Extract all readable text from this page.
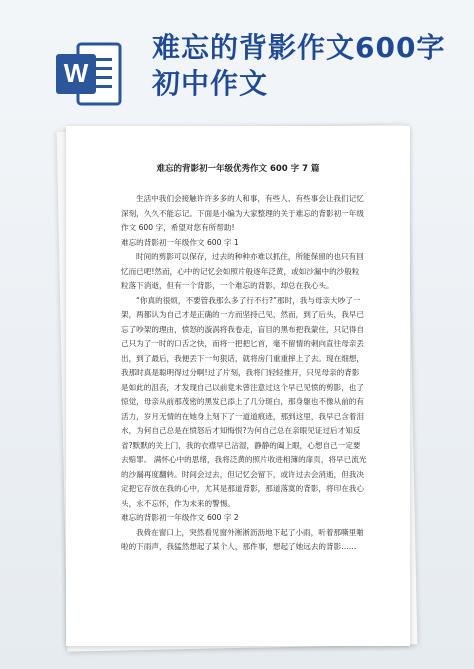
W
难忘的背影作文600字初中作文
难忘的背影初一年级优秀作文 600 字 7 篇

生活中我们会接触许许多多的人和事，有些人、有些事会让我们记忆深刻，久久不能忘记。下面是小编为大家整理的关于难忘的背影初一年级作文 600 字，希望对您有所帮助!

难忘的背影初一年级作文 600 字 1

时间的剪影可以保存，过去的种种亦难以抓住，所能保留的也只有回忆而已吧!然而，心中的记忆会如照片般逐年泛黄，或如沙漏中的沙般粒粒落下消逝，但有一个背影，一个难忘的背影，却总在我心头。

“你真的很烦，不要管我那么多了行不行?”那时，我与母亲大吵了一架，两都认为自己才是正确的一方而坚持己见，然而，到了后头，我早已忘了吵架的理由，愤怒的漩涡将我卷走，盲目的黑布把我蒙住，只记得自己只为了一时的口舌之快，而将一把把匕首，毫不留情的刺向直往母亲丢出，到了最后，我便丢下一句狠话，就将房门重重摔上了去。现在细想，我那时真是聪明得过分啊!过了片刻，我将门轻轻推开，只见母亲的背影是如此的沮丧，才发现自己以前竟未曾注意过这个早已见愤的剪影，也了惊觉，母亲从前那茂密的黑发已添上了几分斑白，那身躯也不像从前的有活力，岁月无情的在她身上刻下了一道道痕迹，那到这里，我早已含着泪水，为何自己总是在愤怒后才知悔恨?为何自己总在亲眼见证过后才知反省?默默的关上门，我的衣襟早已沾湿，静静的阖上眼，心想自己一定要去赔罪。 满怀心中的思绪，我将泛黄的照片收进相簿的扉页，将早已流光的沙漏再度翻转。时间会过去，但记忆会留下，或许过去会消逝，但我决定把它存放在我的心中，尤其是那道背影，那道落寞的背影，将印在我心头，永不忘怀，作为未来的警惕。

难忘的背影初一年级作文 600 字 2

我倚在窗口上，突然看见窗外淅淅沥沥地下起了小雨，听着那嘶里啪啦的下雨声，我猛然想起了某个人，那件事，想起了她远去的背影……
